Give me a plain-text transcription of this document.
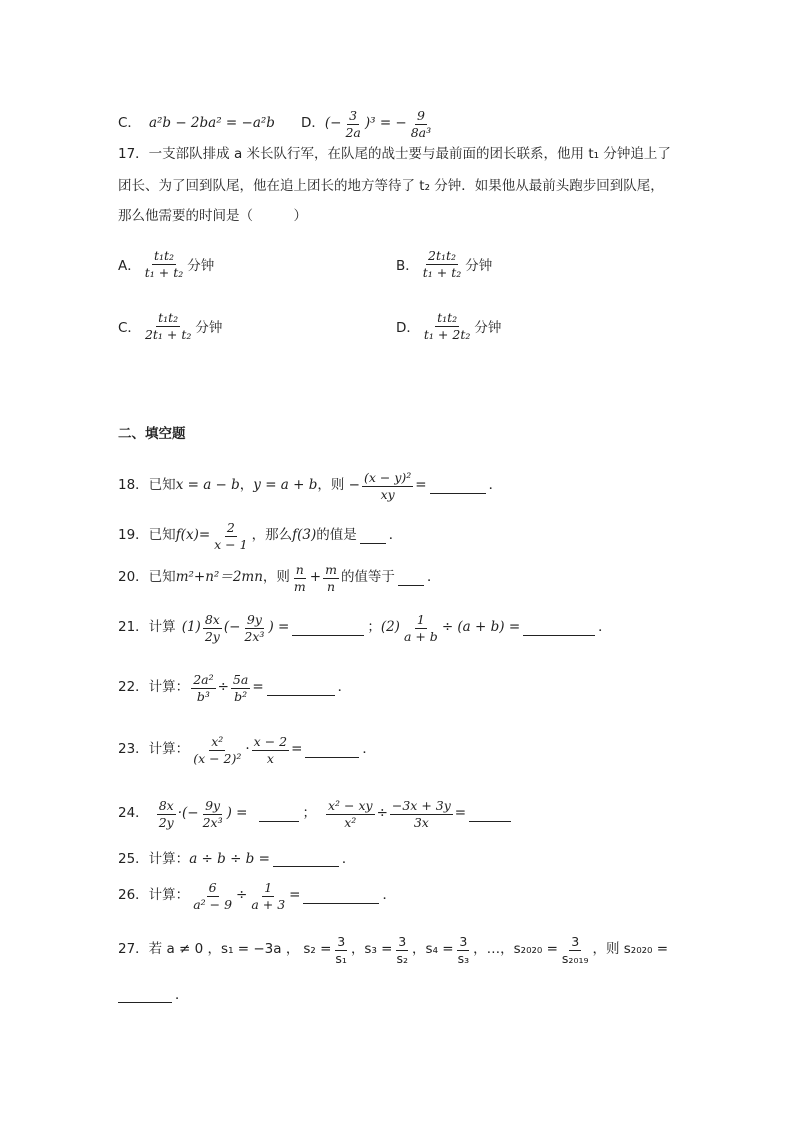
C． a²b − 2ba² = −a²b D． (− $\frac{3}{2a} )^3$ = − $\frac{9}{\text{8a³}}$
17．一支部队排成 a 米长队行军，在队尾的战士要与最前面的团长联系，他用 t₁ 分钟追上了
团长、为了回到队尾，他在追上团长的地方等待了 t₂ 分钟．如果他从最前头跑步回到队尾，
那么他需要的时间是（　　　）
A． $\frac{\text{t₁t₂}}{\text{t₁ + t₂}}$ 分钟	B． $\frac{\text{2t₁t₂}}{\text{t₁ + t₂}}$ 分钟
C． $\frac{\text{t₁t₂}}{\text{2t₁ + t₂}}$ 分钟	D． $\frac{\text{t₁t₂}}{\text{t₁ + 2t₂}}$ 分钟
二、填空题
18．已知 x = a − b ， y = a + b ，则 − $\frac{\text{(x − y)²}}{xy}$ =	．
19．已知 $f(x)= \frac{2}{x - 1}$ ，那么 f(3) 的值是 ．
20．已知 m²+n²＝2mn ，则 $\frac{n}{m} + \frac{m}{n}$ 的值等于 ．
21．计算 $(1) \frac{8x}{2y}$ (− $\frac{9y}{\text{2x³}}$ ) =	； $(2) \frac{1}{a + b} \div (a + b)$ =	．
22．计算： $\frac{\text{2a²}}{\text{b³}} \div \frac{5a}{\text{b²}}$ =	．
23．计算： $\frac{\text{x²}}{\text{(x − 2)²}} \cdot \frac{x - 2}{x}$ =	．
24． $\frac{8x}{2y}$ ·(− $\frac{9y}{\text{2x³}}$ ) =	； $\frac{\text{x² − xy}}{\text{x²}} \div \frac{-3x + 3y}{3x}$ =
25．计算： a ÷ b ÷ b =	．
26．计算： $\frac{6}{\text{a² − 9}} \div \frac{1}{a + 3}$ =	．
27．若 a ≠ 0 ， s₁ = −3a ， $s_2 = \frac{3}{\text{s₁}}$ ，$s_3 = \frac{3}{\text{s₂}}$ ，$s_4 = \frac{3}{\text{s₃}}$ ，…， $s_{2020} = \frac{3}{\text{s₂₀₁₉}}$ ，则 s₂₀₂₀ =
．
